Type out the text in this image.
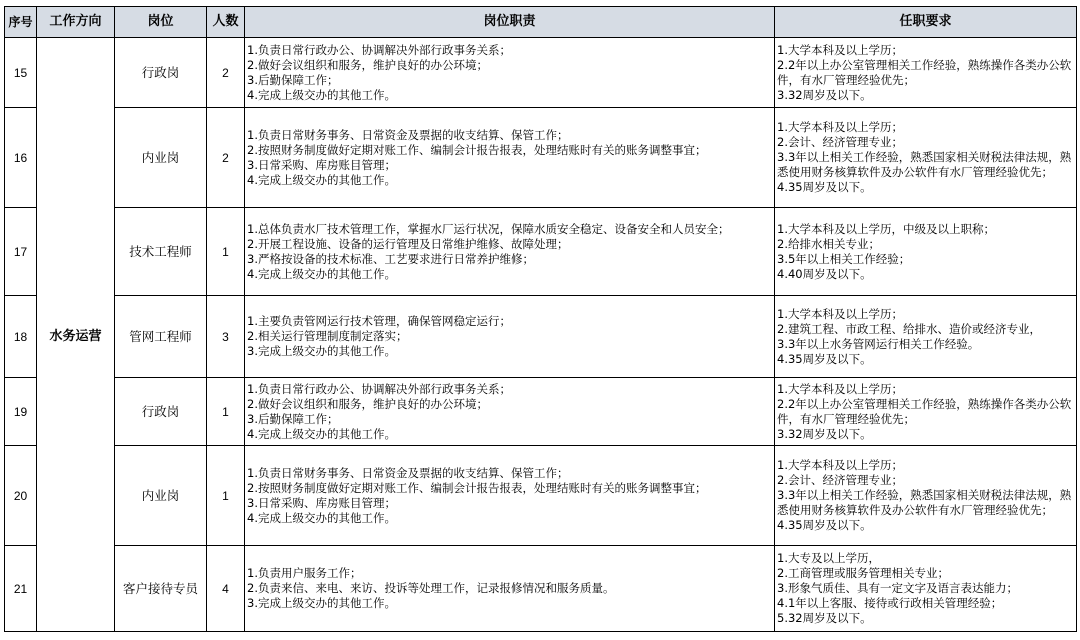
序号	工作方向	岗位	人数	岗位职责	任职要求
15	水务运营	行政岗	2	1.负责日常行政办公、协调解决外部行政事务关系；
2.做好会议组织和服务，维护良好的办公环境；
3.后勤保障工作；
4.完成上级交办的其他工作。	1.大学本科及以上学历；
2.2年以上办公室管理相关工作经验，熟练操作各类办公软件，有水厂管理经验优先；
3.32周岁及以下。

16		内业岗	2	1.负责日常财务事务、日常资金及票据的收支结算、保管工作；
2.按照财务制度做好定期对账工作、编制会计报告报表，处理结账时有关的账务调整事宜；
3.日常采购、库房账目管理；
4.完成上级交办的其他工作。	1.大学本科及以上学历；
2.会计、经济管理专业；
3.3年以上相关工作经验，熟悉国家相关财税法律法规，熟悉使用财务核算软件及办公软件有水厂管理经验优先；
4.35周岁及以下。

17		技术工程师	1	1.总体负责水厂技术管理工作，掌握水厂运行状况，保障水质安全稳定、设备安全和人员安全；
2.开展工程设施、设备的运行管理及日常维护维修、故障处理；
3.严格按设备的技术标准、工艺要求进行日常养护维修；
4.完成上级交办的其他工作。	1.大学本科及以上学历，中级及以上职称；
2.给排水相关专业；
3.5年以上相关工作经验；
4.40周岁及以下。

18		管网工程师	3	1.主要负责管网运行技术管理，确保管网稳定运行；
2.相关运行管理制度制定落实；
3.完成上级交办的其他工作。	1.大学本科及以上学历；
2.建筑工程、市政工程、给排水、造价或经济专业，
3.3年以上水务管网运行相关工作经验。
4.35周岁及以下。

19		行政岗	1	1.负责日常行政办公、协调解决外部行政事务关系；
2.做好会议组织和服务，维护良好的办公环境；
3.后勤保障工作；
4.完成上级交办的其他工作。	1.大学本科及以上学历；
2.2年以上办公室管理相关工作经验，熟练操作各类办公软件，有水厂管理经验优先；
3.32周岁及以下。

20		内业岗	1	1.负责日常财务事务、日常资金及票据的收支结算、保管工作；
2.按照财务制度做好定期对账工作、编制会计报告报表，处理结账时有关的账务调整事宜；
3.日常采购、库房账目管理；
4.完成上级交办的其他工作。	1.大学本科及以上学历；
2.会计、经济管理专业；
3.3年以上相关工作经验，熟悉国家相关财税法律法规，熟悉使用财务核算软件及办公软件有水厂管理经验优先；
4.35周岁及以下。

21		客户接待专员	4	1.负责用户服务工作；
2.负责来信、来电、来访、投诉等处理工作，记录报修情况和服务质量。
3.完成上级交办的其他工作。	1.大专及以上学历，
2.工商管理或服务管理相关专业；
3.形象气质佳、具有一定文字及语言表达能力；
4.1年以上客服、接待或行政相关管理经验；
5.32周岁及以下。
